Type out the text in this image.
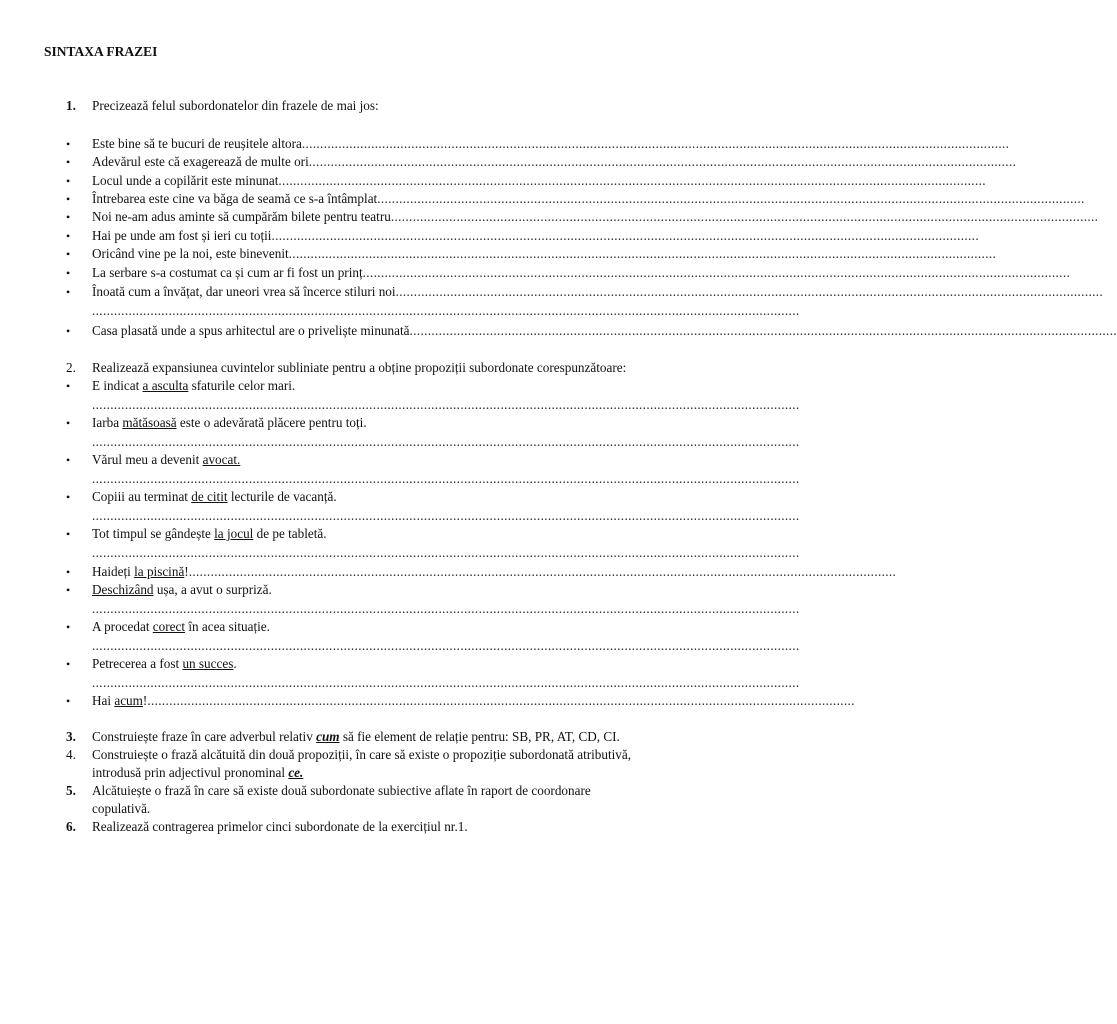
SINTAXA FRAZEI
1. Precizează felul subordonatelor din frazele de mai jos:
• Este bine să te bucuri de reușitele altora..................................................................................................................................................................................................
• Adevărul este că exagerează de multe ori..................................................................................................................................................................................................
• Locul unde a copilărit este minunat..................................................................................................................................................................................................
• Întrebarea este cine va băga de seamă ce s-a întâmplat..................................................................................................................................................................................................
• Noi ne-am adus aminte să cumpărăm bilete pentru teatru..................................................................................................................................................................................................
• Hai pe unde am fost și ieri cu toții..................................................................................................................................................................................................
• Oricând vine pe la noi, este binevenit..................................................................................................................................................................................................
• La serbare s-a costumat ca și cum ar fi fost un prinț..................................................................................................................................................................................................
• Înoată cum a învățat, dar uneori vrea să încerce stiluri noi..................................................................................................................................................................................................
..................................................................................................................................................................................................
• Casa plasată unde a spus arhitectul are o priveliște minunată..................................................................................................................................................................................................
2. Realizează expansiunea cuvintelor subliniate pentru a obține propoziții subordonate corespunzătoare:
• E indicat a asculta sfaturile celor mari.
..................................................................................................................................................................................................
• Iarba mătăsoasă este o adevărată plăcere pentru toți.
..................................................................................................................................................................................................
• Vărul meu a devenit avocat.
..................................................................................................................................................................................................
• Copiii au terminat de citit lecturile de vacanță.
..................................................................................................................................................................................................
• Tot timpul se gândește la jocul de pe tabletă.
..................................................................................................................................................................................................
• Haideți la piscină!..................................................................................................................................................................................................
• Deschizând ușa, a avut o surpriză.
..................................................................................................................................................................................................
• A procedat corect în acea situație.
..................................................................................................................................................................................................
• Petrecerea a fost un succes.
..................................................................................................................................................................................................
• Hai acum!..................................................................................................................................................................................................
3. Construiește fraze în care adverbul relativ cum să fie element de relație pentru: SB, PR, AT, CD, CI.
4. Construiește o frază alcătuită din două propoziții, în care să existe o propoziție subordonată atributivă,
introdusă prin adjectivul pronominal ce.
5. Alcătuiește o frază în care să existe două subordonate subiective aflate în raport de coordonare
copulativă.
6. Realizează contragerea primelor cinci subordonate de la exercițiul nr.1.
